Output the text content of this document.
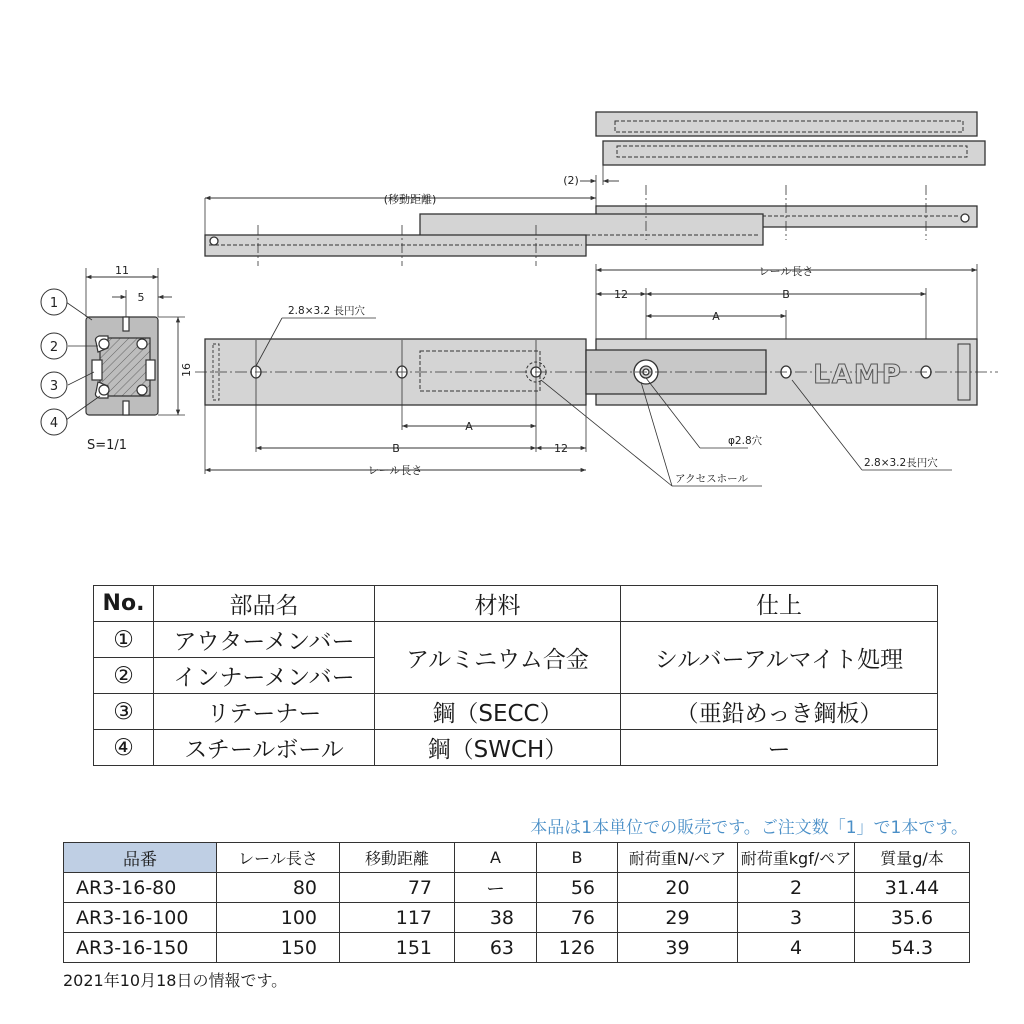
(移動距離)
(2)
11
5
16
1
2
3
4
S=1/1
LAMP
A
B	12
レール長さ
レール長さ
12	B
A
2.8×3.2 長円穴
φ2.8穴
アクセスホール
2.8×3.2長円穴
No.	部品名	材料	仕上
①	アウターメンバー	アルミニウム合金	シルバーアルマイト処理
②	インナーメンバー		
③	リテーナー	鋼（SECC）	（亜鉛めっき鋼板）
④	スチールボール	鋼（SWCH）	ー
本品は1本単位での販売です。ご注文数「1」で1本です。
品番	レール長さ	移動距離	A	B	耐荷重N/ペア	耐荷重kgf/ペア	質量g/本
AR3-16-80	80	77	ー	56	20	2	31.44
AR3-16-100	100	117	38	76	29	3	35.6
AR3-16-150	150	151	63	126	39	4	54.3
2021年10月18日の情報です。
